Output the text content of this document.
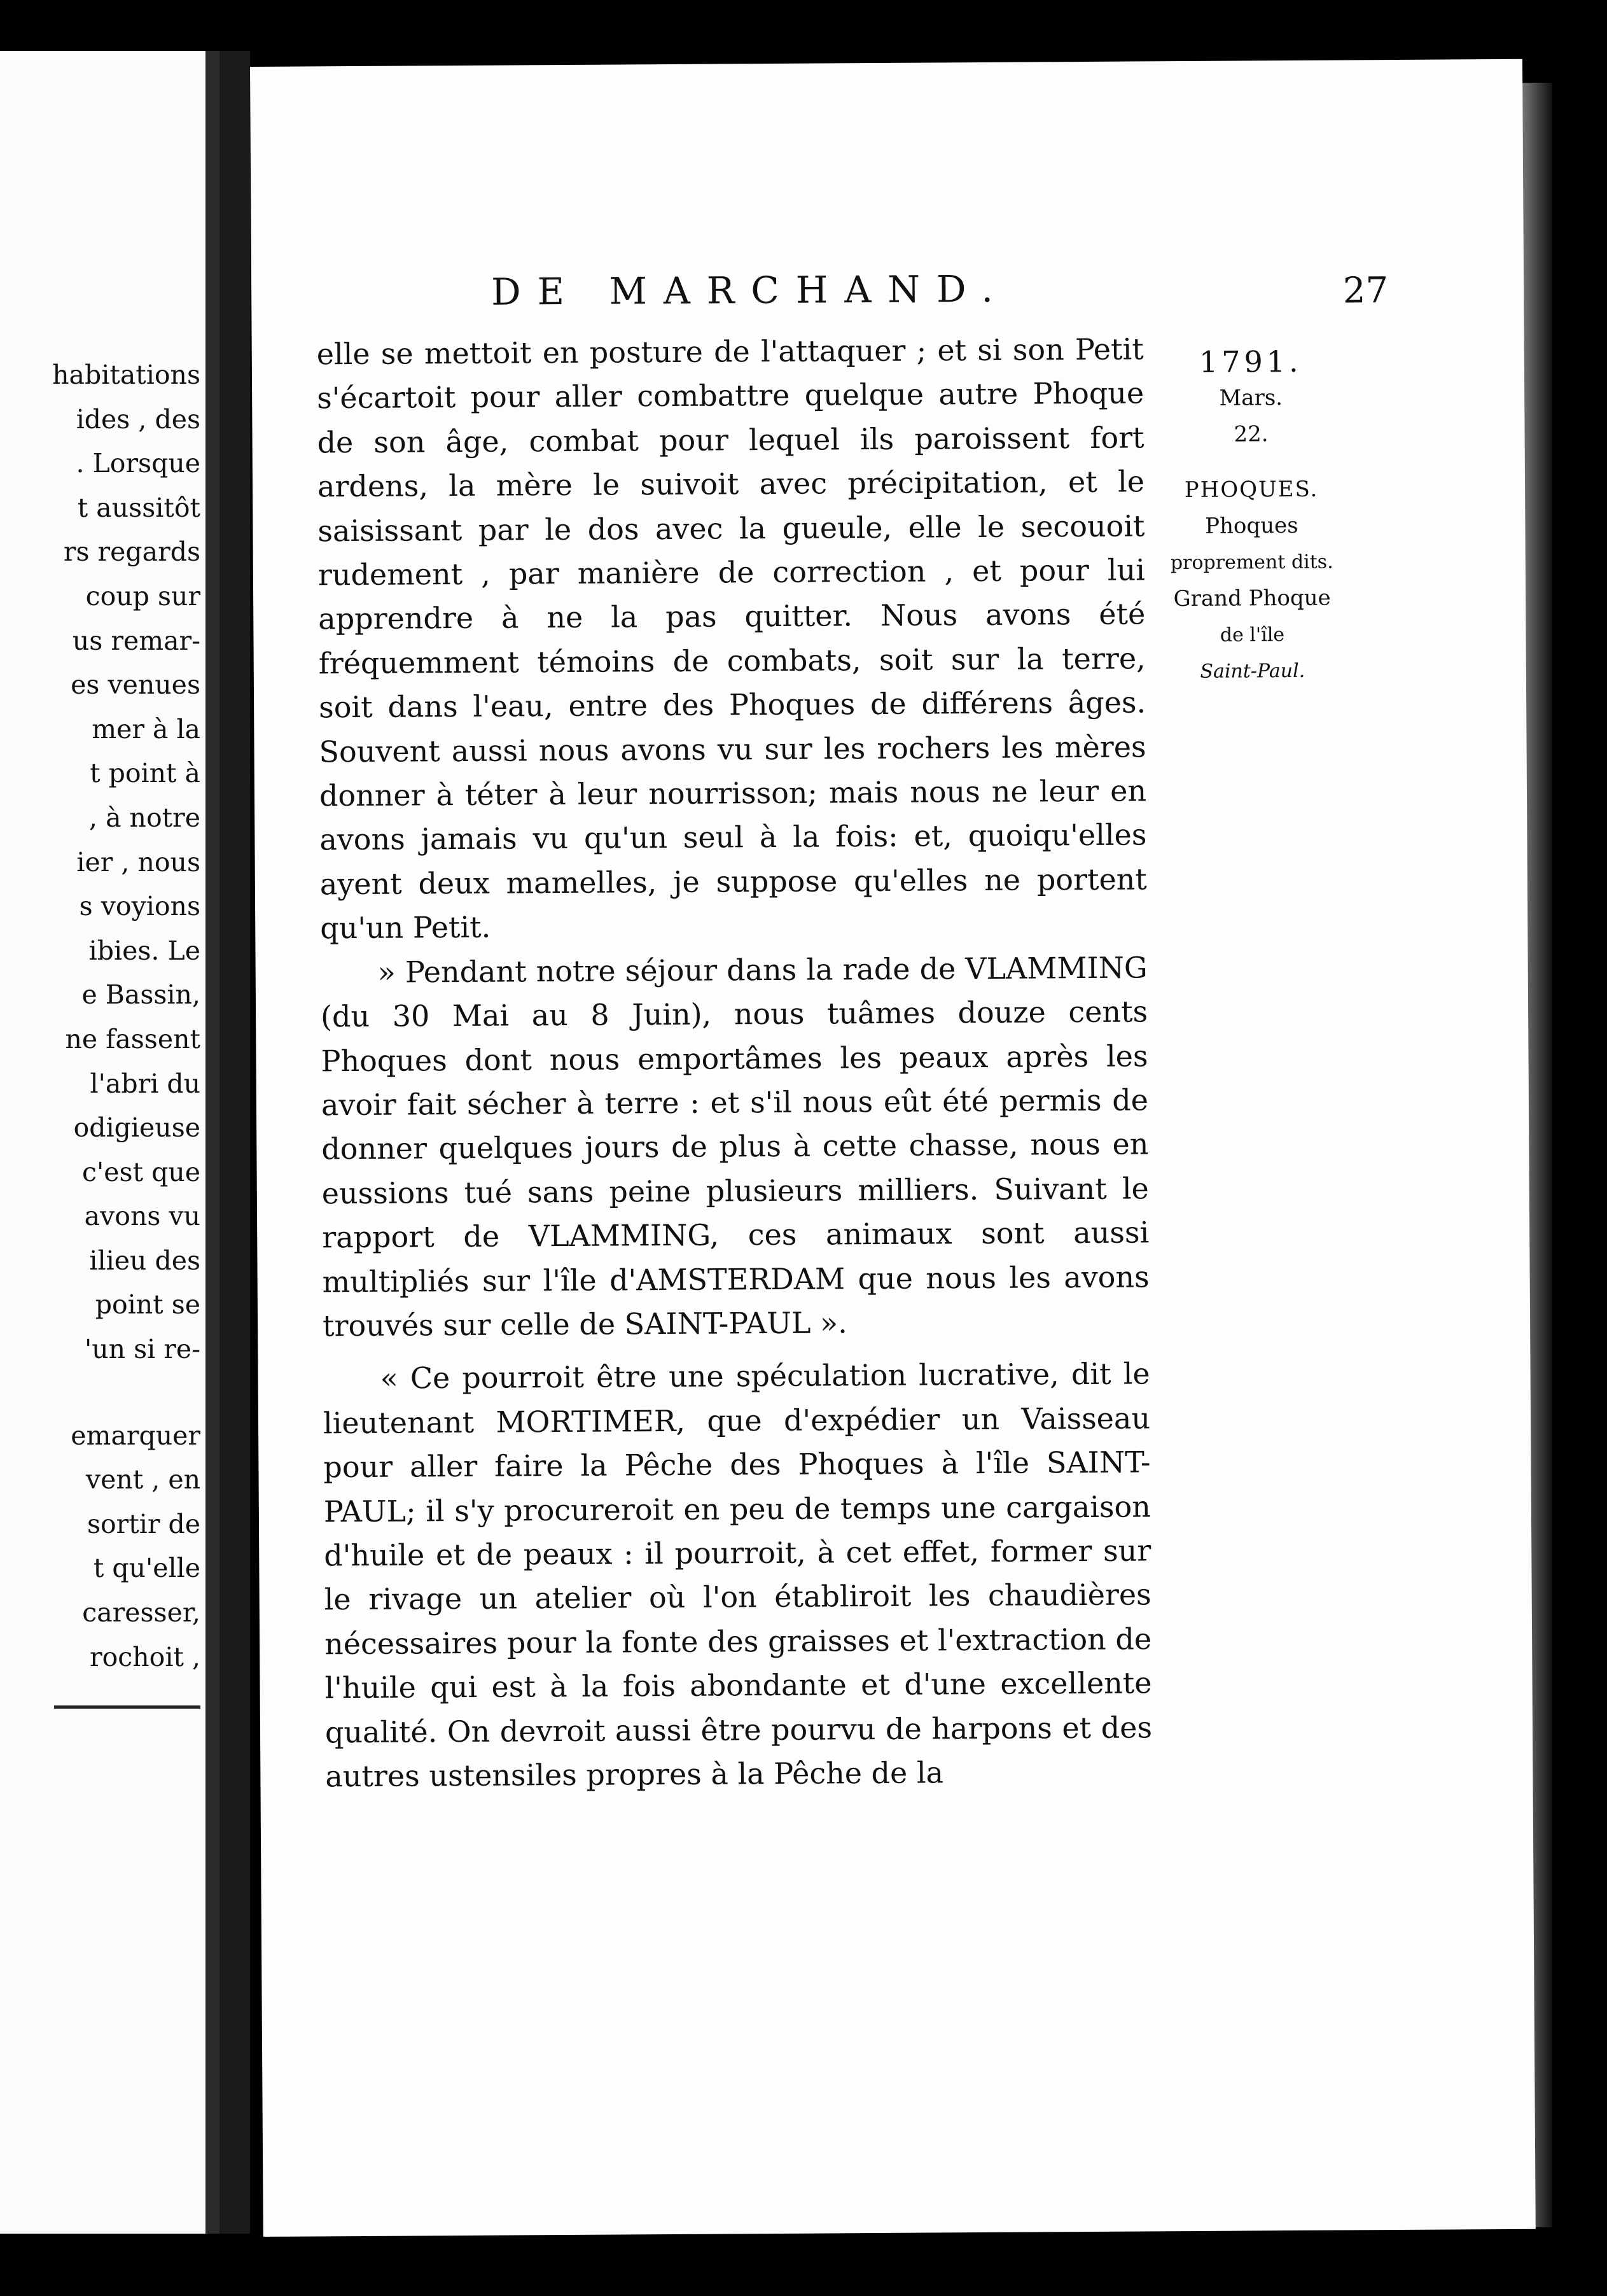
habitations
ides , des
. Lorsque
t aussitôt
rs regards
coup sur
us remar-
es venues
mer à la
t point à
, à notre
ier , nous
s voyions
ibies. Le
e Bassin,
ne fassent
l'abri du
odigieuse
c'est que
avons vu
ilieu des
point se
'un si re-
emarquer
vent , en
sortir de
t qu'elle
caresser,
rochoit ,
DE MARCHAND.	27

elle se mettoit en posture de l'attaquer ; et si son Petit s'écartoit pour aller combattre quelque autre Phoque de son âge, combat pour lequel ils paroissent fort ardens, la mère le suivoit avec précipitation, et le saisissant par le dos avec la gueule, elle le secouoit rudement , par manière de correction , et pour lui apprendre à ne la pas quitter. Nous avons été fréquemment témoins de combats, soit sur la terre, soit dans l'eau, entre des Phoques de différens âges. Souvent aussi nous avons vu sur les rochers les mères donner à téter à leur nourrisson; mais nous ne leur en avons jamais vu qu'un seul à la fois: et, quoiqu'elles ayent deux mamelles, je suppose qu'elles ne portent qu'un Petit.

» Pendant notre séjour dans la rade de VLAMMING (du 30 Mai au 8 Juin), nous tuâmes douze cents Phoques dont nous emportâmes les peaux après les avoir fait sécher à terre : et s'il nous eût été permis de donner quelques jours de plus à cette chasse, nous en eussions tué sans peine plusieurs milliers. Suivant le rapport de VLAMMING, ces animaux sont aussi multipliés sur l'île d'AMSTERDAM que nous les avons trouvés sur celle de SAINT-PAUL ».

« Ce pourroit être une spéculation lucrative, dit le lieutenant MORTIMER, que d'expédier un Vaisseau pour aller faire la Pêche des Phoques à l'île SAINT-PAUL; il s'y procureroit en peu de temps une cargaison d'huile et de peaux : il pourroit, à cet effet, former sur le rivage un atelier où l'on établiroit les chaudières nécessaires pour la fonte des graisses et l'extraction de l'huile qui est à la fois abondante et d'une excellente qualité. On devroit aussi être pourvu de harpons et des autres ustensiles propres à la Pêche de la

1791.
Mars.
22.
PHOQUES.
Phoques
proprement dits.
Grand Phoque
de l'île
Saint-Paul.
